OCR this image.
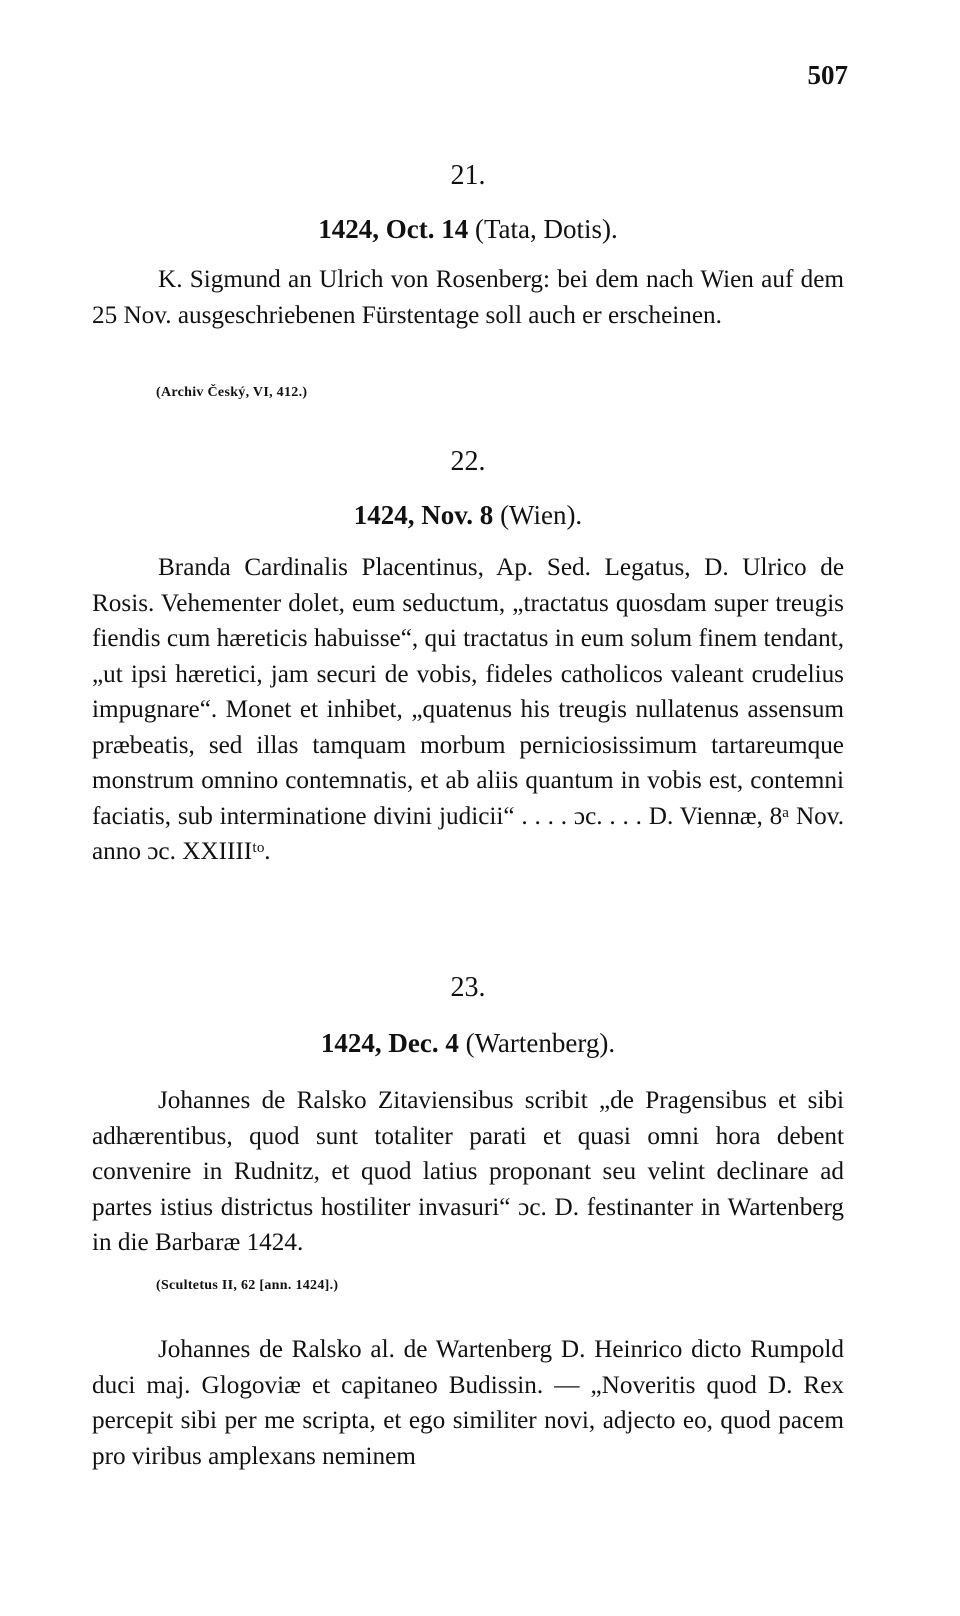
507
21.
1424, Oct. 14 (Tata, Dotis).

K. Sigmund an Ulrich von Rosenberg: bei dem nach Wien auf dem 25 Nov. ausgeschriebenen Fürstentage soll auch er erscheinen.

(Archiv Český, VI, 412.)
22.
1424, Nov. 8 (Wien).

Branda Cardinalis Placentinus, Ap. Sed. Legatus, D. Ulrico de Rosis. Vehementer dolet, eum seductum, „tractatus quosdam super treugis fiendis cum hæreticis habuisse“, qui tractatus in eum solum finem tendant, „ut ipsi hæretici, jam securi de vobis, fideles catholicos valeant crudelius impugnare“. Monet et inhibet, „quatenus his treugis nullatenus assensum præbeatis, sed illas tamquam morbum perniciosissimum tartareumque monstrum omnino contemnatis, et ab aliis quantum in vobis est, contemni faciatis, sub interminatione divini judicii“ . . . . ɔc. . . . D. Viennæ, 8ᵃ Nov. anno ɔc. XXIIIIᵗᵒ.

23.
1424, Dec. 4 (Wartenberg).

Johannes de Ralsko Zitaviensibus scribit „de Pragensibus et sibi adhærentibus, quod sunt totaliter parati et quasi omni hora debent convenire in Rudnitz, et quod latius proponant seu velint declinare ad partes istius districtus hostiliter invasuri“ ɔc. D. festinanter in Wartenberg in die Barbaræ 1424.

(Scultetus II, 62 [ann. 1424].)

Johannes de Ralsko al. de Wartenberg D. Heinrico dicto Rumpold duci maj. Glogoviæ et capitaneo Budissin. — „Noveritis quod D. Rex percepit sibi per me scripta, et ego similiter novi, adjecto eo, quod pacem pro viribus amplexans neminem
